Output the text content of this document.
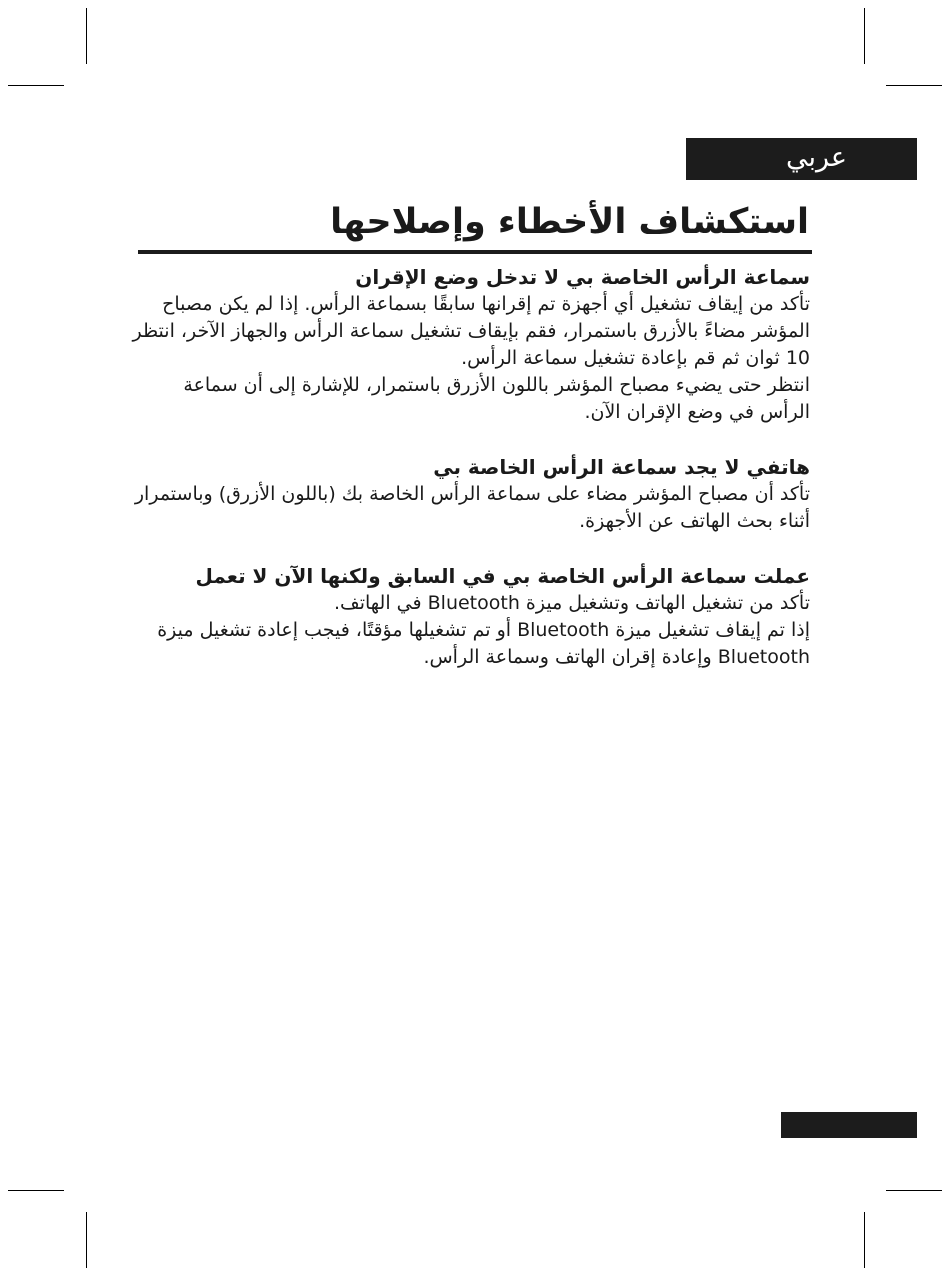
عربي
استكشاف الأخطاء وإصلاحها
سماعة الرأس الخاصة بي لا تدخل وضع الإقران

تأكد من إيقاف تشغيل أي أجهزة تم إقرانها سابقًا بسماعة الرأس. إذا لم يكن مصباح المؤشر مضاءً بالأزرق باستمرار، فقم بإيقاف تشغيل سماعة الرأس والجهاز الآخر، انتظر 10 ثوان ثم قم بإعادة تشغيل سماعة الرأس.
انتظر حتى يضيء مصباح المؤشر باللون الأزرق باستمرار، للإشارة إلى أن سماعة الرأس في وضع الإقران الآن.

هاتفي لا يجد سماعة الرأس الخاصة بي

تأكد أن مصباح المؤشر مضاء على سماعة الرأس الخاصة بك (باللون الأزرق) وباستمرار أثناء بحث الهاتف عن الأجهزة.

عملت سماعة الرأس الخاصة بي في السابق ولكنها الآن لا تعمل

تأكد من تشغيل الهاتف وتشغيل ميزة Bluetooth في الهاتف.
إذا تم إيقاف تشغيل ميزة Bluetooth أو تم تشغيلها مؤقتًا، فيجب إعادة تشغيل ميزة Bluetooth وإعادة إقران الهاتف وسماعة الرأس.
